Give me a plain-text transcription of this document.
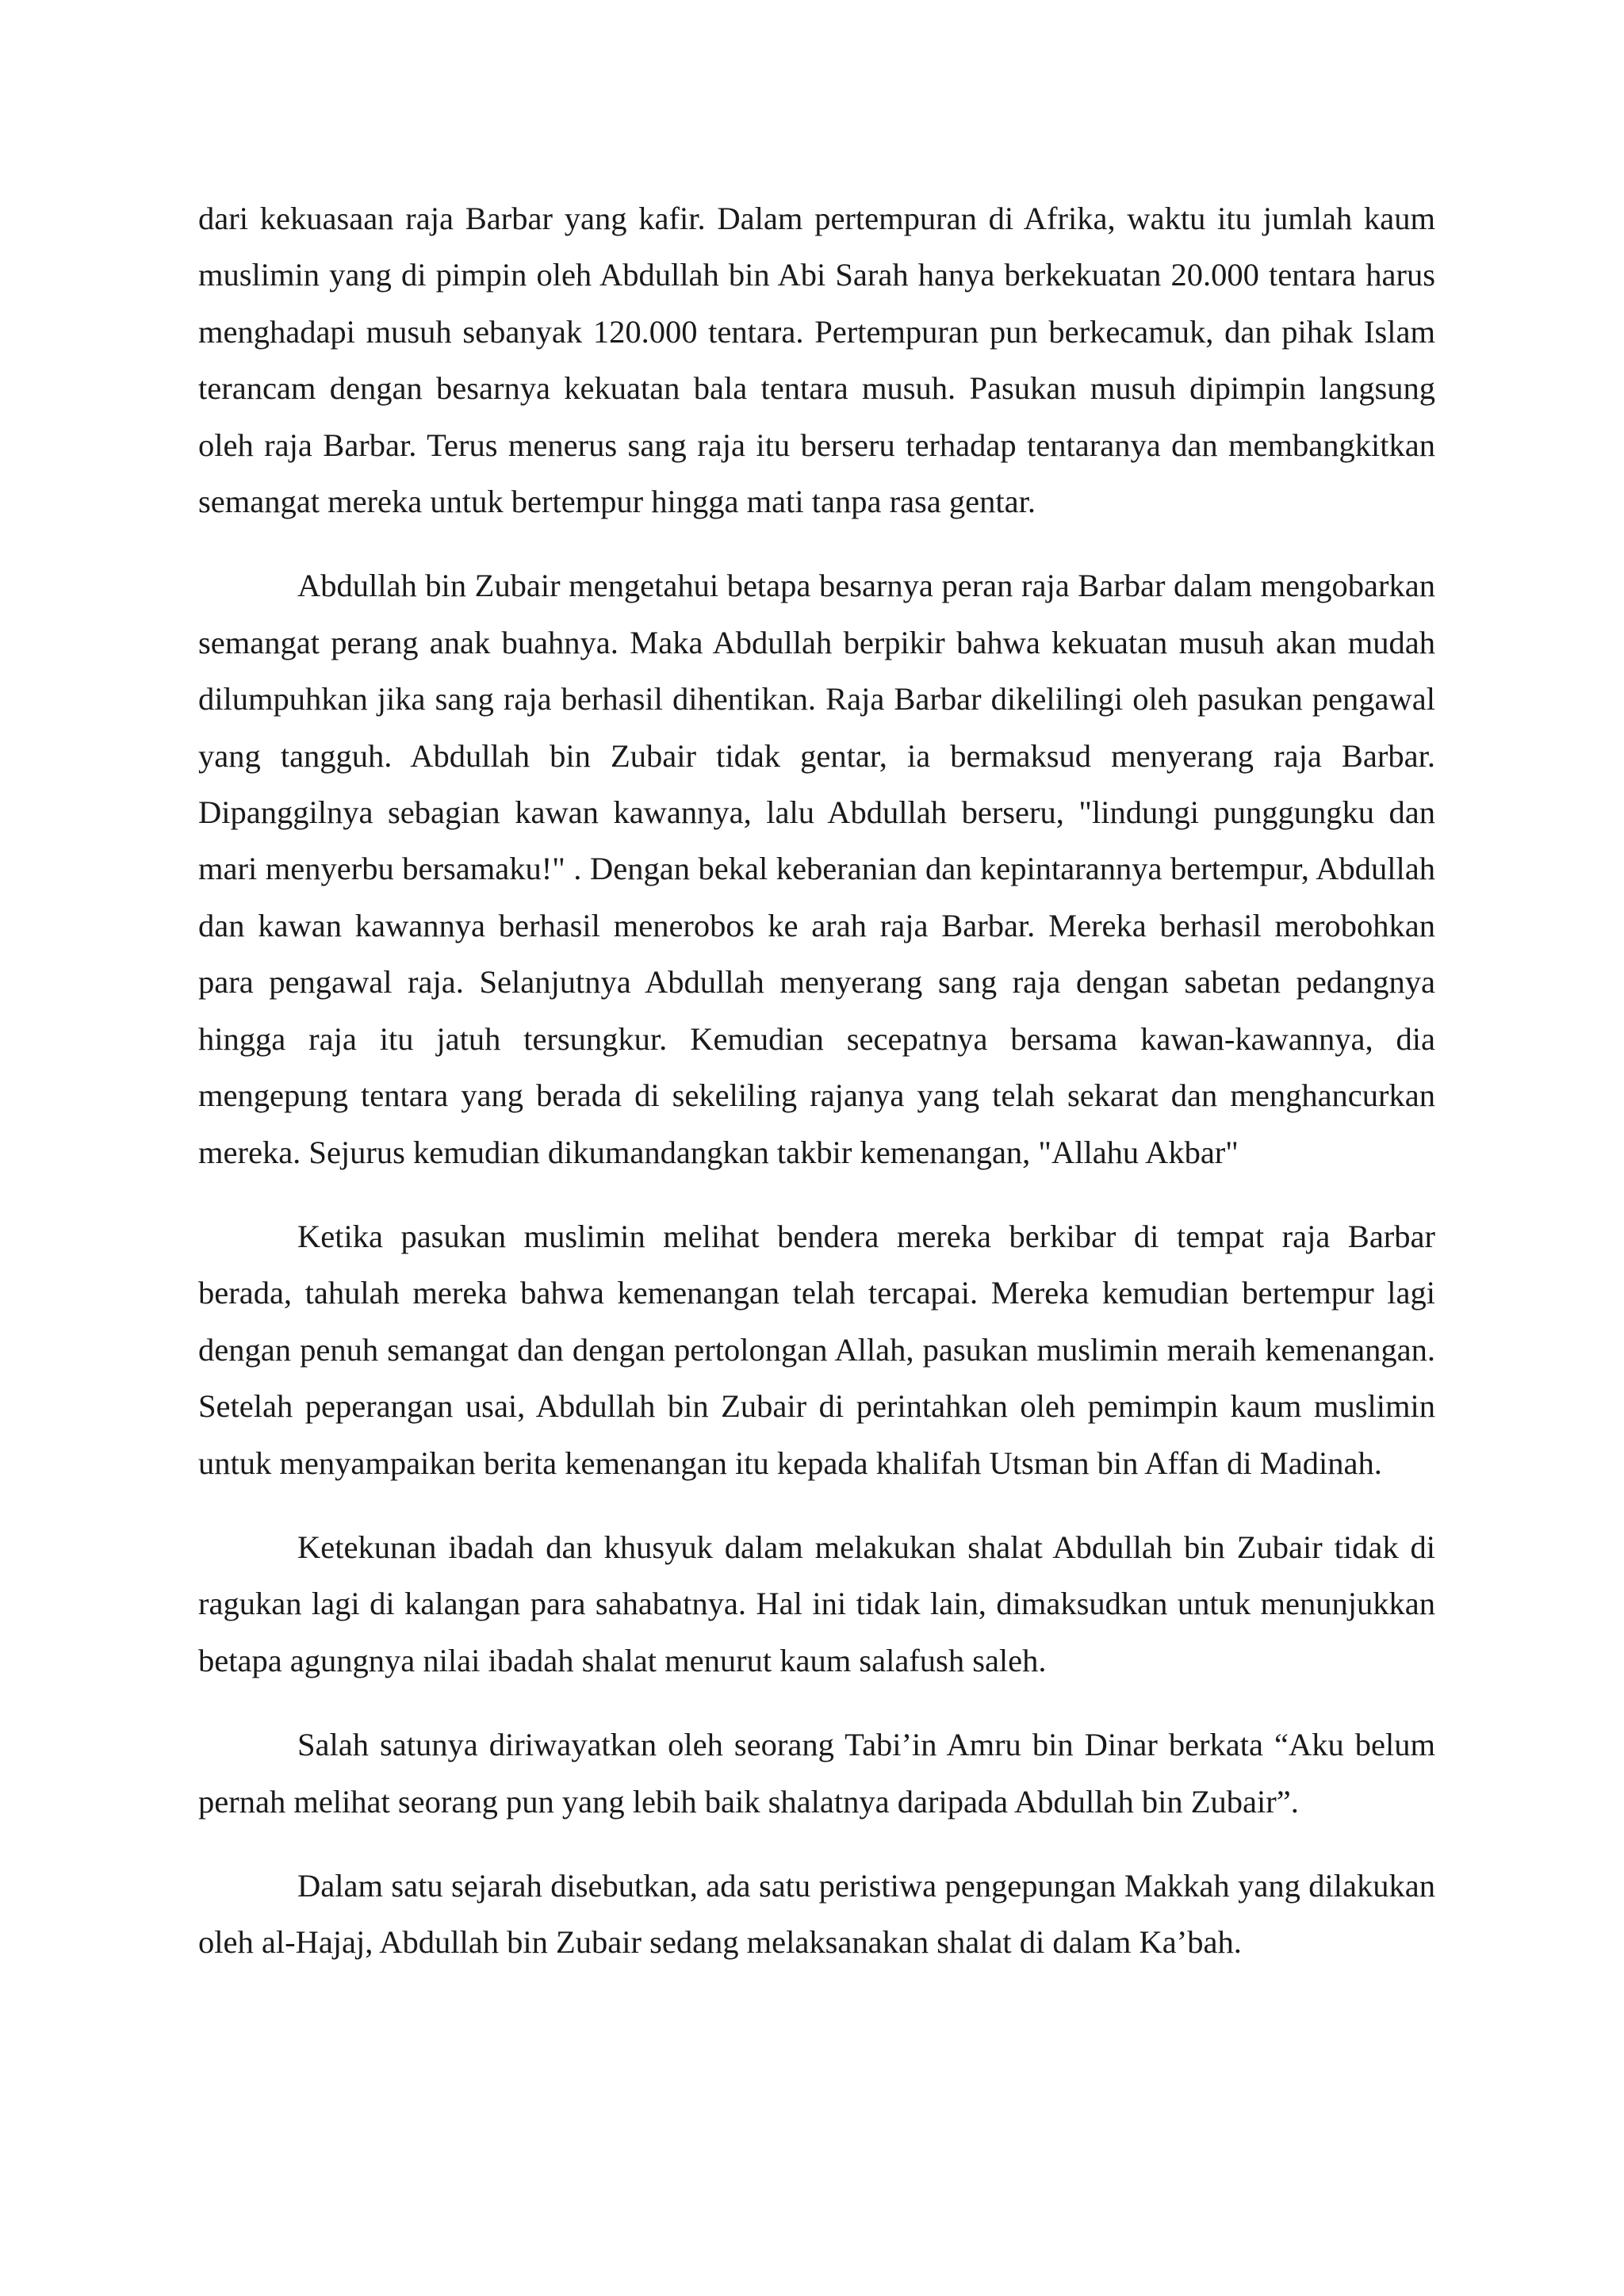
dari kekuasaan raja Barbar yang kafir. Dalam pertempuran di Afrika, waktu itu jumlah kaum muslimin yang di pimpin oleh Abdullah bin Abi Sarah hanya berkekuatan 20.000 tentara harus menghadapi musuh sebanyak 120.000 tentara. Pertempuran pun berkecamuk, dan pihak Islam terancam dengan besarnya kekuatan bala tentara musuh. Pasukan musuh dipimpin langsung oleh raja Barbar. Terus menerus sang raja itu berseru terhadap tentaranya dan membangkitkan semangat mereka untuk bertempur hingga mati tanpa rasa gentar.

Abdullah bin Zubair mengetahui betapa besarnya peran raja Barbar dalam mengobarkan semangat perang anak buahnya. Maka Abdullah berpikir bahwa kekuatan musuh akan mudah dilumpuhkan jika sang raja berhasil dihentikan. Raja Barbar dikelilingi oleh pasukan pengawal yang tangguh. Abdullah bin Zubair tidak gentar, ia bermaksud menyerang raja Barbar. Dipanggilnya sebagian kawan kawannya, lalu Abdullah berseru, "lindungi punggungku dan mari menyerbu bersamaku!" . Dengan bekal keberanian dan kepintarannya bertempur, Abdullah dan kawan kawannya berhasil menerobos ke arah raja Barbar. Mereka berhasil merobohkan para pengawal raja. Selanjutnya Abdullah menyerang sang raja dengan sabetan pedangnya hingga raja itu jatuh tersungkur. Kemudian secepatnya bersama kawan-kawannya, dia mengepung tentara yang berada di sekeliling rajanya yang telah sekarat dan menghancurkan mereka. Sejurus kemudian dikumandangkan takbir kemenangan, "Allahu Akbar"

Ketika pasukan muslimin melihat bendera mereka berkibar di tempat raja Barbar berada, tahulah mereka bahwa kemenangan telah tercapai. Mereka kemudian bertempur lagi dengan penuh semangat dan dengan pertolongan Allah, pasukan muslimin meraih kemenangan. Setelah peperangan usai, Abdullah bin Zubair di perintahkan oleh pemimpin kaum muslimin untuk menyampaikan berita kemenangan itu kepada khalifah Utsman bin Affan di Madinah.

Ketekunan ibadah dan khusyuk dalam melakukan shalat Abdullah bin Zubair tidak di ragukan lagi di kalangan para sahabatnya. Hal ini tidak lain, dimaksudkan untuk menunjukkan betapa agungnya nilai ibadah shalat menurut kaum salafush saleh.

Salah satunya diriwayatkan oleh seorang Tabi’in Amru bin Dinar berkata “Aku belum pernah melihat seorang pun yang lebih baik shalatnya daripada Abdullah bin Zubair”.

Dalam satu sejarah disebutkan, ada satu peristiwa pengepungan Makkah yang dilakukan oleh al-Hajaj, Abdullah bin Zubair sedang melaksanakan shalat di dalam Ka’bah.
